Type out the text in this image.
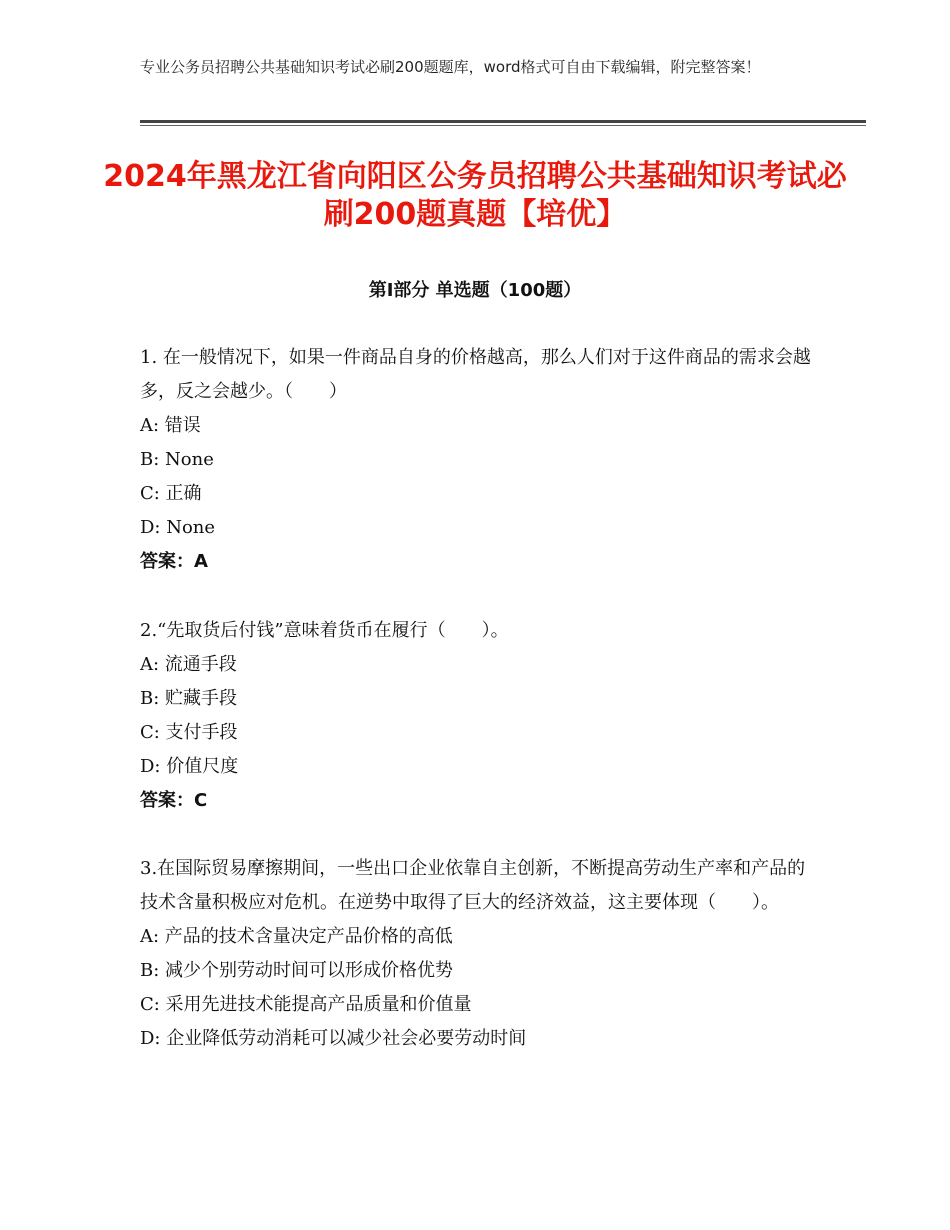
专业公务员招聘公共基础知识考试必刷200题题库，word格式可自由下载编辑，附完整答案！
2024年黑龙江省向阳区公务员招聘公共基础知识考试必刷200题真题【培优】
第Ⅰ部分 单选题（100题）
1. 在一般情况下，如果一件商品自身的价格越高，那么人们对于这件商品的需求会越多，反之会越少。（　　）
A: 错误
B: None
C: 正确
D: None
答案：A
2.“先取货后付钱”意味着货币在履行（　　）。
A: 流通手段
B: 贮藏手段
C: 支付手段
D: 价值尺度
答案：C
3.在国际贸易摩擦期间，一些出口企业依靠自主创新，不断提高劳动生产率和产品的技术含量积极应对危机。在逆势中取得了巨大的经济效益，这主要体现（　　）。
A: 产品的技术含量决定产品价格的高低
B: 减少个别劳动时间可以形成价格优势
C: 采用先进技术能提高产品质量和价值量
D: 企业降低劳动消耗可以减少社会必要劳动时间
